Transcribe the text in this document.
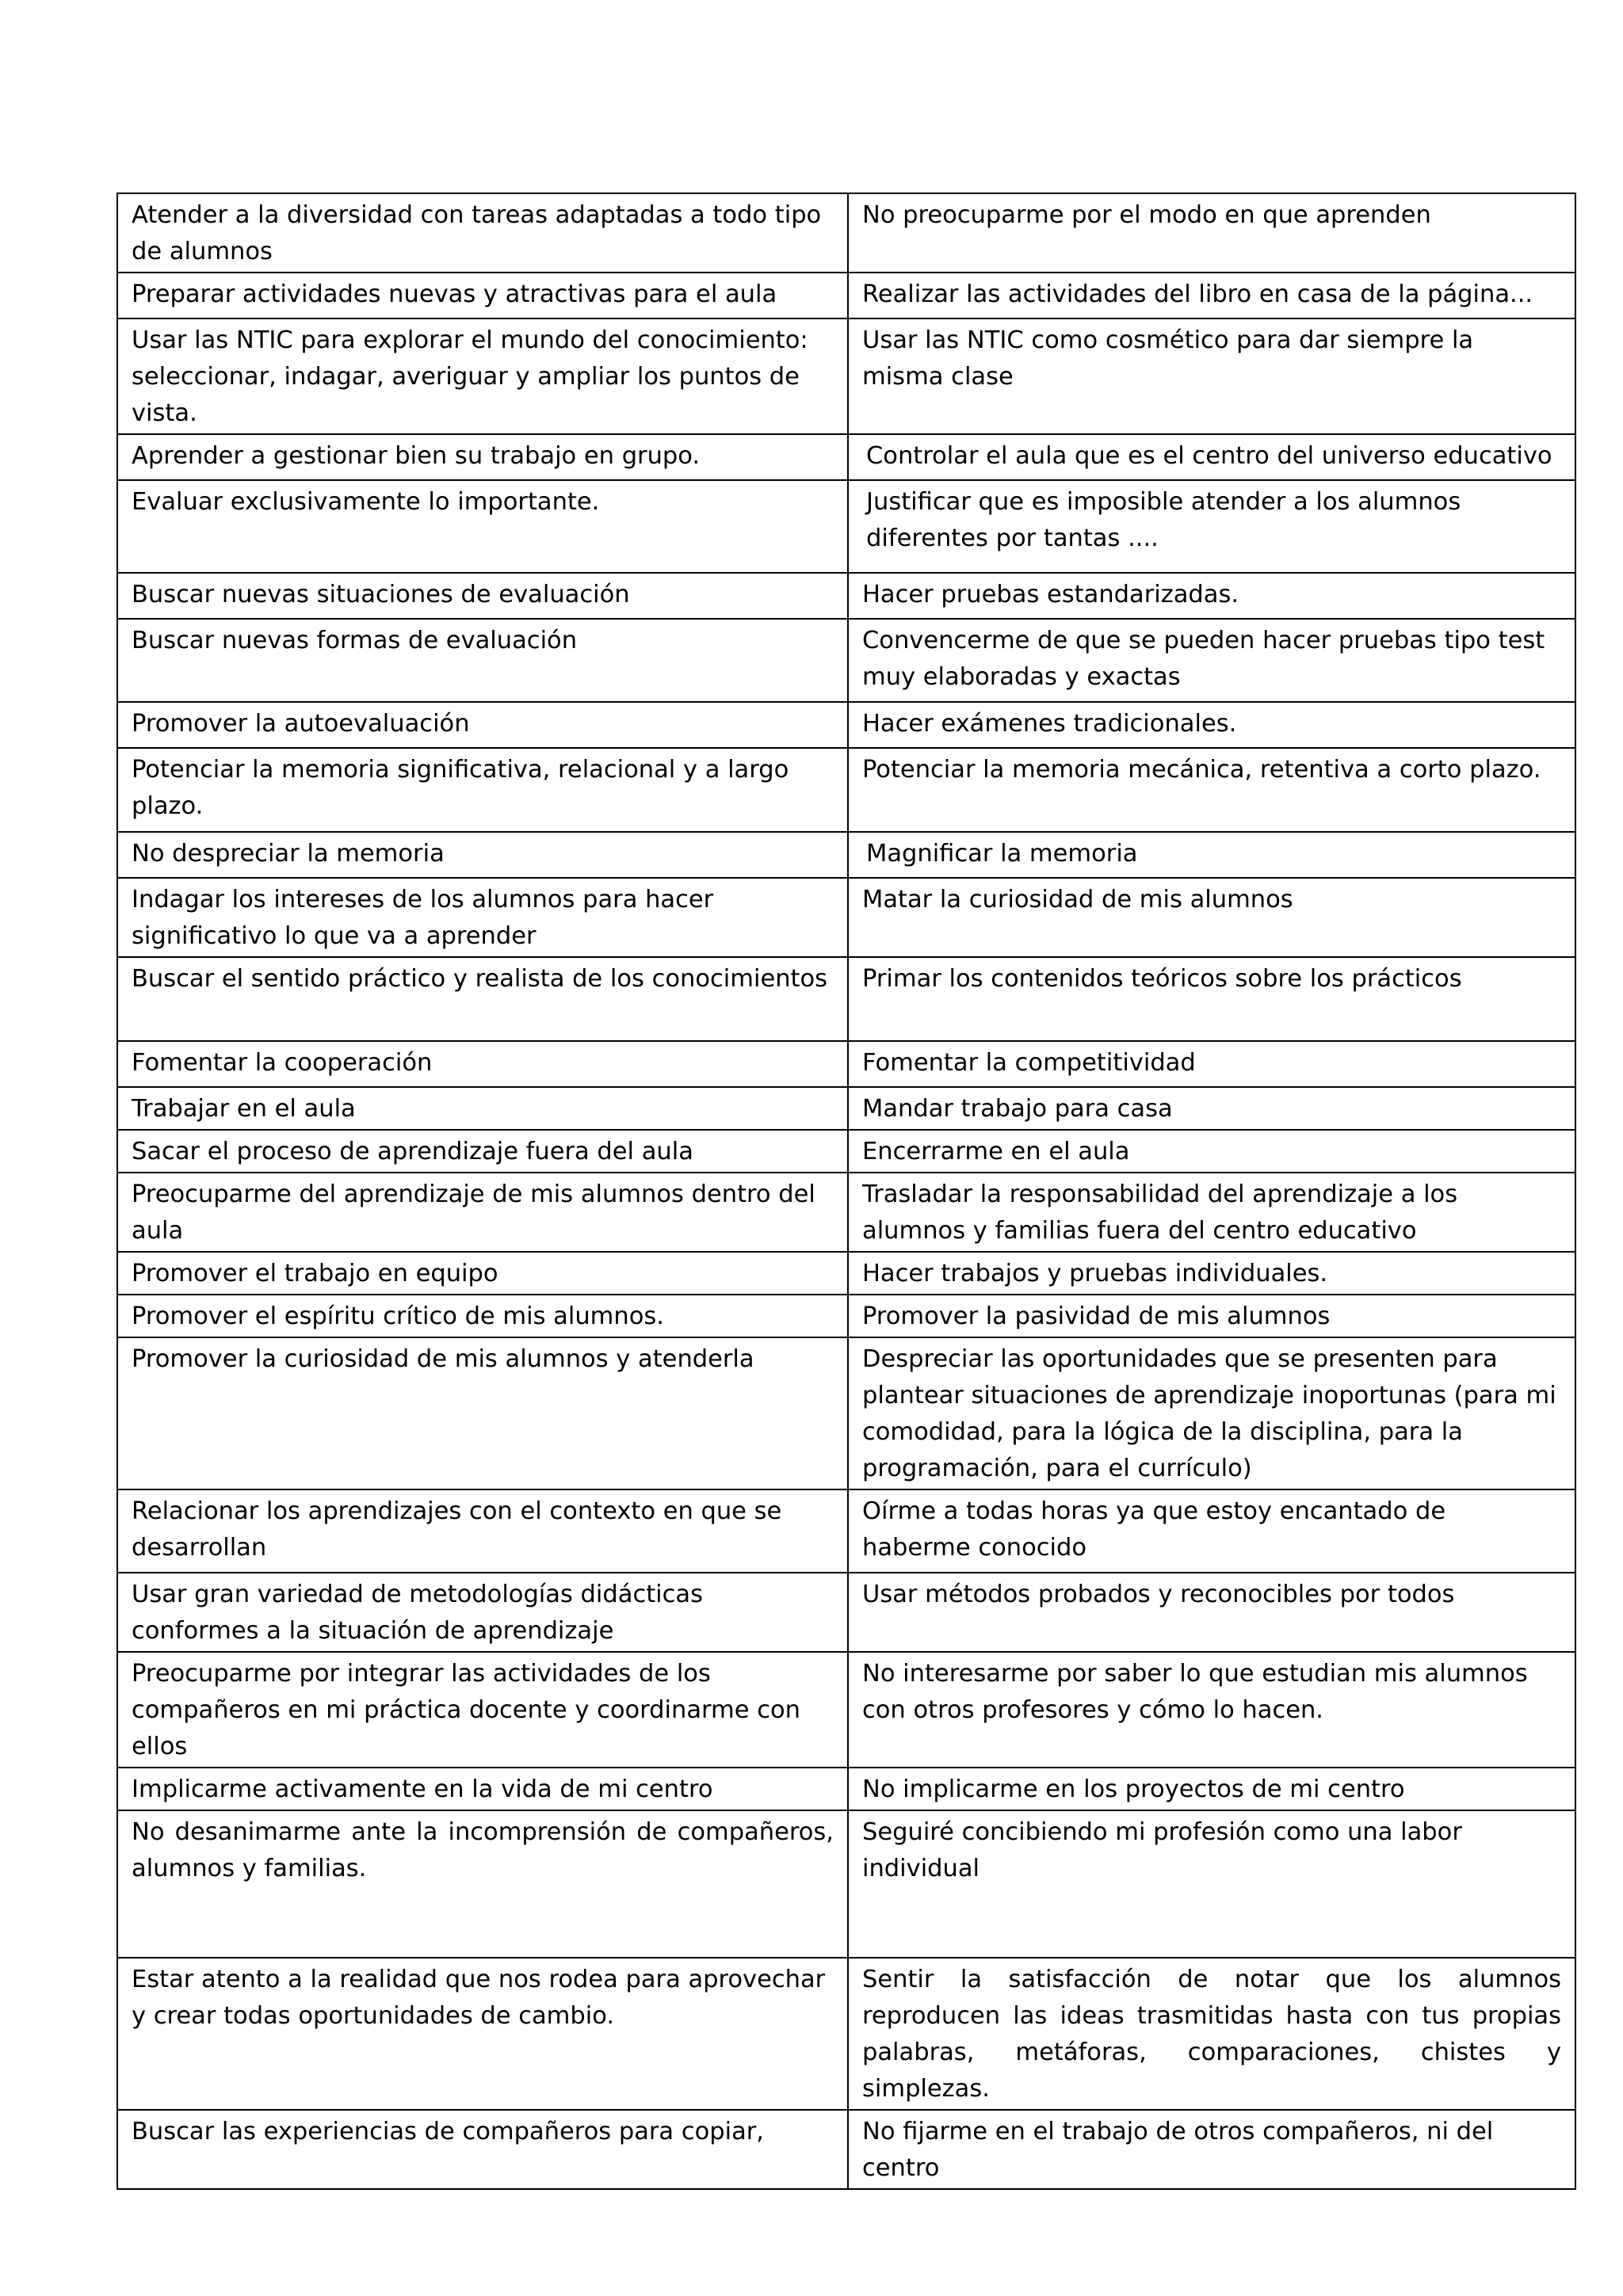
Atender a la diversidad con tareas adaptadas a todo tipo de alumnos	No preocuparme por el modo en que aprenden
Preparar actividades nuevas y atractivas para el aula	Realizar las actividades del libro en casa de la página...
Usar las NTIC para explorar el mundo del conocimiento: seleccionar, indagar, averiguar y ampliar los puntos de vista.	Usar las NTIC como cosmético para dar siempre la misma clase
Aprender a gestionar bien su trabajo en grupo.	Controlar el aula que es el centro del universo educativo
Evaluar exclusivamente lo importante.	Justificar que es imposible atender a los alumnos diferentes por tantas ....
Buscar nuevas situaciones de evaluación	Hacer pruebas estandarizadas.
Buscar nuevas formas de evaluación	Convencerme de que se pueden hacer pruebas tipo test muy elaboradas y exactas
Promover la autoevaluación	Hacer exámenes tradicionales.
Potenciar la memoria significativa, relacional y a largo plazo.	Potenciar la memoria mecánica, retentiva a corto plazo.
No despreciar la memoria	Magnificar la memoria
Indagar los intereses de los alumnos para hacer significativo lo que va a aprender	Matar la curiosidad de mis alumnos
Buscar el sentido práctico y realista de los conocimientos	Primar los contenidos teóricos sobre los prácticos
Fomentar la cooperación	Fomentar la competitividad
Trabajar en el aula	Mandar trabajo para casa
Sacar el proceso de aprendizaje fuera del aula	Encerrarme en el aula
Preocuparme del aprendizaje de mis alumnos dentro del aula	Trasladar la responsabilidad del aprendizaje a los alumnos y familias fuera del centro educativo
Promover el trabajo en equipo	Hacer trabajos y pruebas individuales.
Promover el espíritu crítico de mis alumnos.	Promover la pasividad de mis alumnos
Promover la curiosidad de mis alumnos y atenderla	Despreciar las oportunidades que se presenten para plantear situaciones de aprendizaje inoportunas (para mi comodidad, para la lógica de la disciplina, para la programación, para el currículo)
Relacionar los aprendizajes con el contexto en que se desarrollan	Oírme a todas horas ya que estoy encantado de haberme conocido
Usar gran variedad de metodologías didácticas conformes a la situación de aprendizaje	Usar métodos probados y reconocibles por todos
Preocuparme por integrar las actividades de los compañeros en mi práctica docente y coordinarme con ellos	No interesarme por saber lo que estudian mis alumnos con otros profesores y cómo lo hacen.
Implicarme activamente en la vida de mi centro	No implicarme en los proyectos de mi centro
No desanimarme ante la incomprensión de compañeros, alumnos y familias.	Seguiré concibiendo mi profesión como una labor individual
Estar atento a la realidad que nos rodea para aprovechar y crear todas oportunidades de cambio.	Sentir la satisfacción de notar que los alumnos reproducen las ideas trasmitidas hasta con tus propias palabras, metáforas, comparaciones, chistes y simplezas.
Buscar las experiencias de compañeros para copiar,	No fijarme en el trabajo de otros compañeros, ni del centro
